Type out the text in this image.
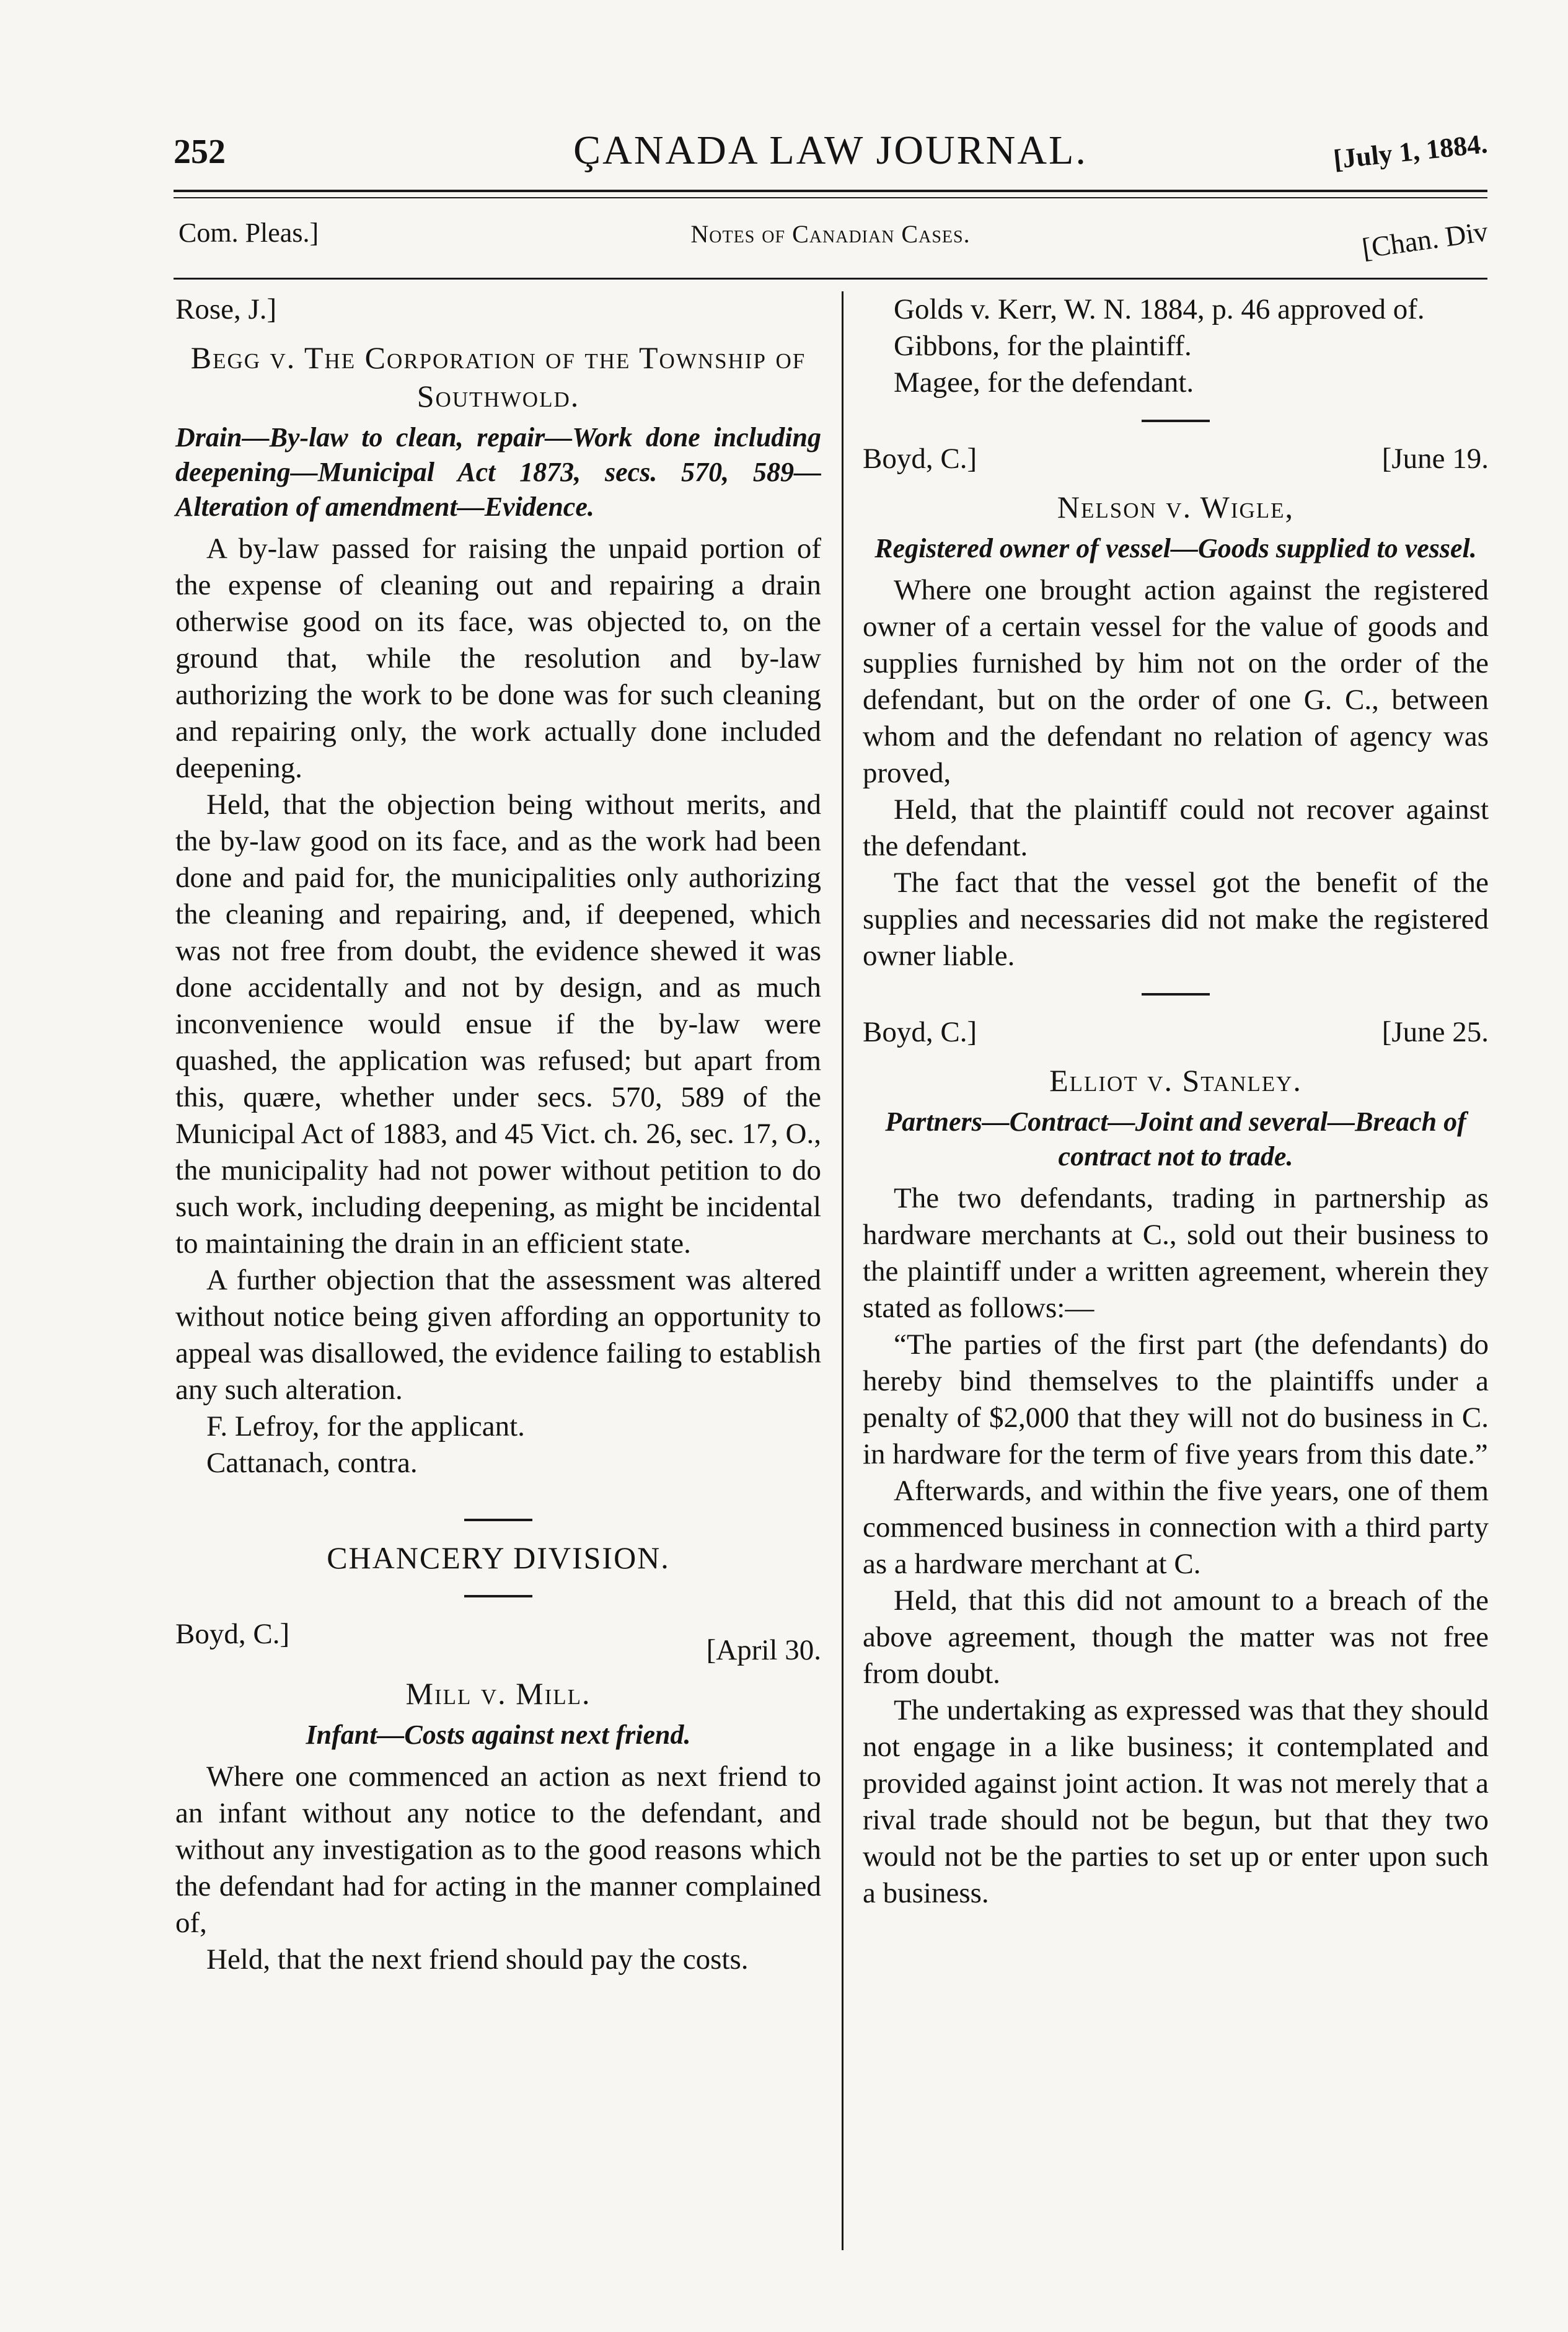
252	ÇANADA LAW JOURNAL.	[July 1, 1884.
Com. Pleas.]	Notes of Canadian Cases.	[Chan. Div
Rose, J.]
Begg v. The Corporation of the Township of Southwold.
Drain—By-law to clean, repair—Work done including deepening—Municipal Act 1873, secs. 570, 589—Alteration of amendment—Evidence.

A by-law passed for raising the unpaid portion of the expense of cleaning out and repairing a drain otherwise good on its face, was objected to, on the ground that, while the resolution and by-law authorizing the work to be done was for such cleaning and repairing only, the work actually done included deepening.

Held, that the objection being without merits, and the by-law good on its face, and as the work had been done and paid for, the municipalities only authorizing the cleaning and repairing, and, if deepened, which was not free from doubt, the evidence shewed it was done accidentally and not by design, and as much inconvenience would ensue if the by-law were quashed, the application was refused; but apart from this, quære, whether under secs. 570, 589 of the Municipal Act of 1883, and 45 Vict. ch. 26, sec. 17, O., the municipality had not power without petition to do such work, including deepening, as might be incidental to maintaining the drain in an efficient state.

A further objection that the assessment was altered without notice being given affording an opportunity to appeal was disallowed, the evidence failing to establish any such alteration.

F. Lefroy, for the applicant.

Cattanach, contra.

CHANCERY DIVISION.
Boyd, C.]	[April 30.
Mill v. Mill.
Infant—Costs against next friend.

Where one commenced an action as next friend to an infant without any notice to the defendant, and without any investigation as to the good reasons which the defendant had for acting in the manner complained of,

Held, that the next friend should pay the costs.

Golds v. Kerr, W. N. 1884, p. 46 approved of.

Gibbons, for the plaintiff.

Magee, for the defendant.

Boyd, C.]	[June 19.
Nelson v. Wigle,
Registered owner of vessel—Goods supplied to vessel.

Where one brought action against the registered owner of a certain vessel for the value of goods and supplies furnished by him not on the order of the defendant, but on the order of one G. C., between whom and the defendant no relation of agency was proved,

Held, that the plaintiff could not recover against the defendant.

The fact that the vessel got the benefit of the supplies and necessaries did not make the registered owner liable.

Boyd, C.]	[June 25.
Elliot v. Stanley.
Partners—Contract—Joint and several—Breach of contract not to trade.

The two defendants, trading in partnership as hardware merchants at C., sold out their business to the plaintiff under a written agreement, wherein they stated as follows:—

“The parties of the first part (the defendants) do hereby bind themselves to the plaintiffs under a penalty of $2,000 that they will not do business in C. in hardware for the term of five years from this date.”

Afterwards, and within the five years, one of them commenced business in connection with a third party as a hardware merchant at C.

Held, that this did not amount to a breach of the above agreement, though the matter was not free from doubt.

The undertaking as expressed was that they should not engage in a like business; it contemplated and provided against joint action. It was not merely that a rival trade should not be begun, but that they two would not be the parties to set up or enter upon such a business.
